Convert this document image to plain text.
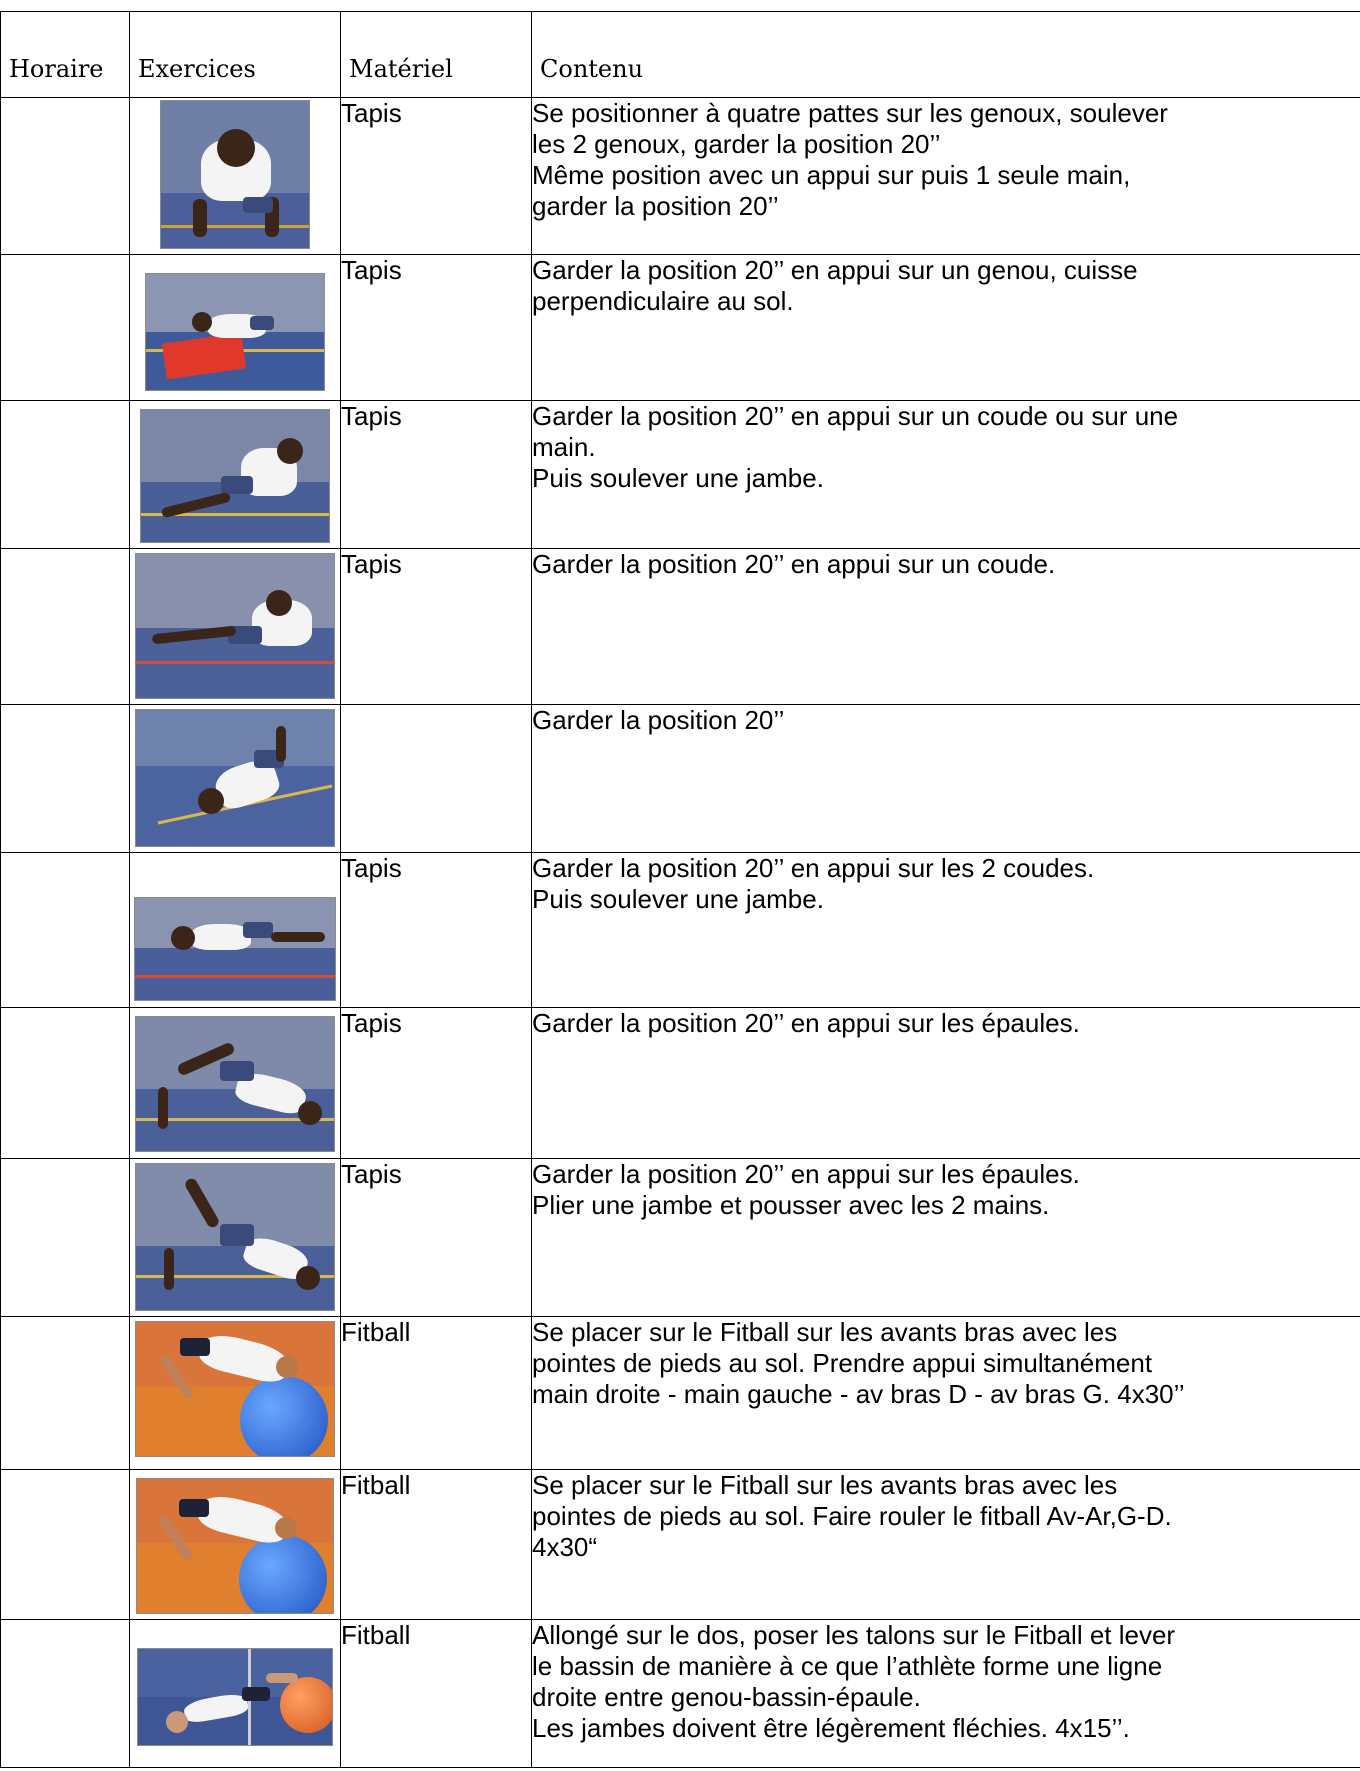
Horaire	Exercices	Matériel	Contenu

	Tapis	Se positionner à quatre pattes sur les genoux, soulever
les 2 genoux, garder la position 20’’
Même position avec un appui sur puis 1 seule main,
garder la position 20’’

	Tapis	Garder la position 20’’ en appui sur un genou, cuisse
perpendiculaire au sol.

	Tapis	Garder la position 20’’ en appui sur un coude ou sur une
main.
Puis soulever une jambe.

	Tapis	Garder la position 20’’ en appui sur un coude.

		Garder la position 20’’

	Tapis	Garder la position 20’’ en appui sur les 2 coudes.
Puis soulever une jambe.

	Tapis	Garder la position 20’’ en appui sur les épaules.

	Tapis	Garder la position 20’’ en appui sur les épaules.
Plier une jambe et pousser avec les 2 mains.

	Fitball	Se placer sur le Fitball sur les avants bras avec les
pointes de pieds au sol. Prendre appui simultanément
main droite - main gauche - av bras D - av bras G. 4x30’’

	Fitball	Se placer sur le Fitball sur les avants bras avec les
pointes de pieds au sol. Faire rouler le fitball Av-Ar,G-D.
4x30“

	Fitball	Allongé sur le dos, poser les talons sur le Fitball et lever
le bassin de manière à ce que l’athlète forme une ligne
droite entre genou-bassin-épaule.
Les jambes doivent être légèrement fléchies. 4x15’’.
